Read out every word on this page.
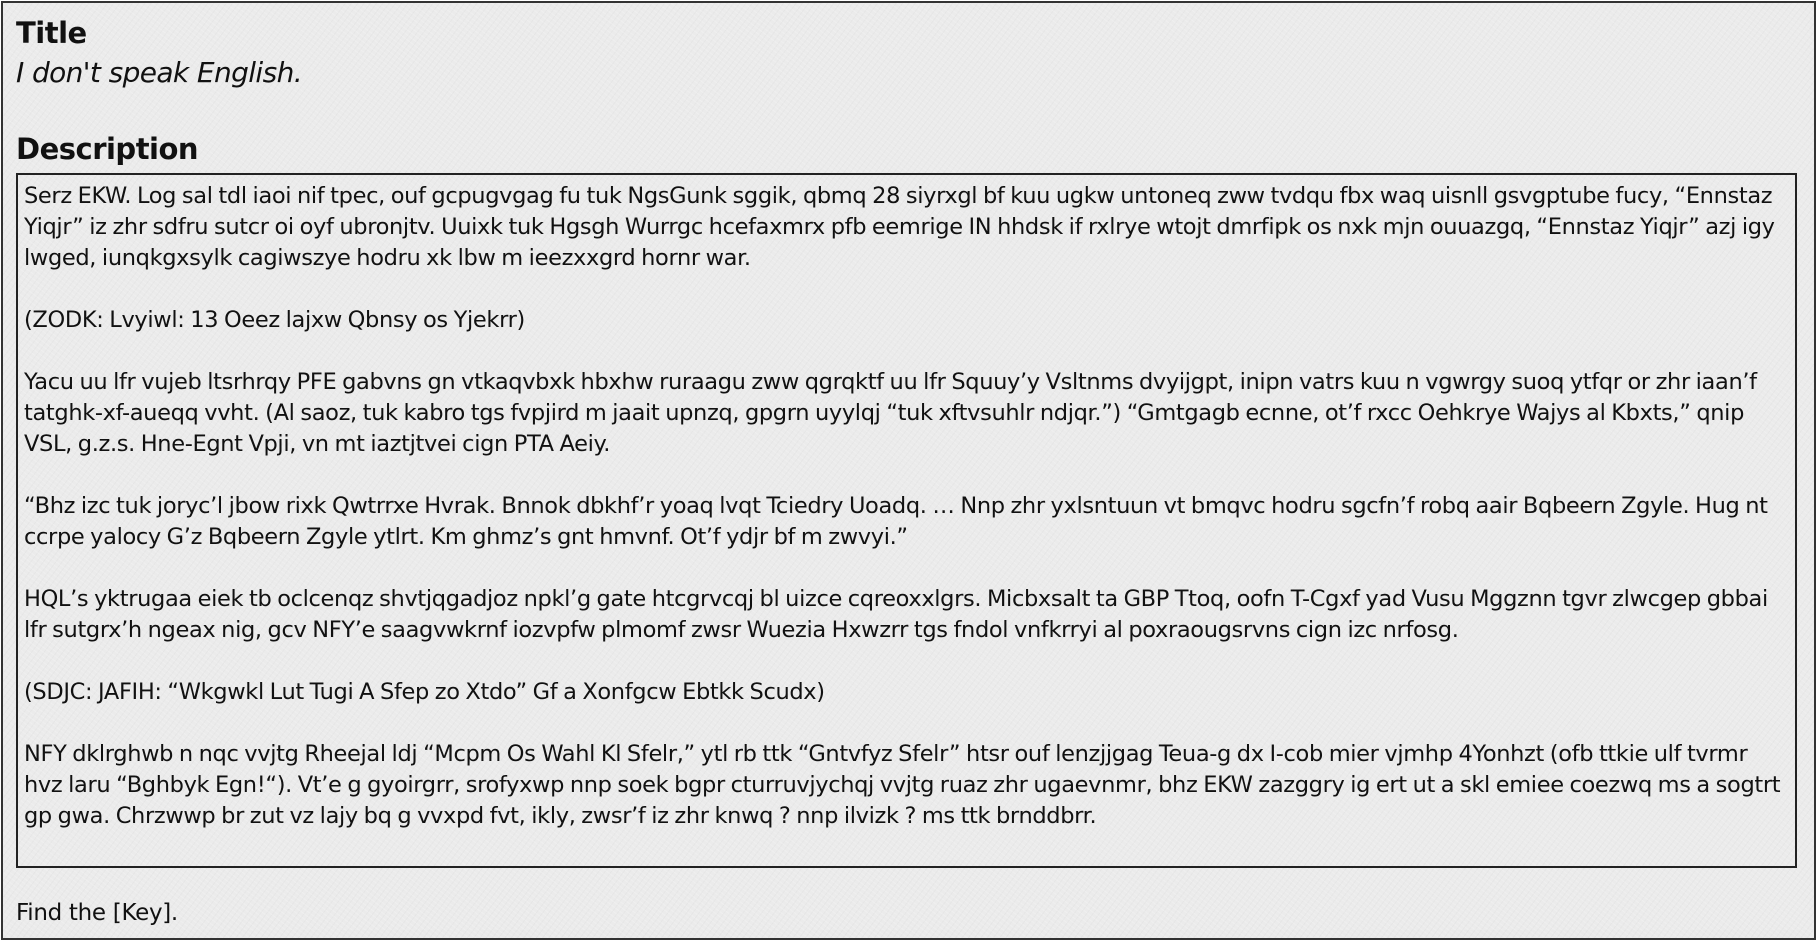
Title
I don't speak English.
Description

Serz EKW. Log sal tdl iaoi nif tpec, ouf gcpugvgag fu tuk NgsGunk sggik, qbmq 28 siyrxgl bf kuu ugkw untoneq zww tvdqu fbx waq uisnll gsvgptube fucy, “Ennstaz Yiqjr” iz zhr sdfru sutcr oi oyf ubronjtv. Uuixk tuk Hgsgh Wurrgc hcefaxmrx pfb eemrige IN hhdsk if rxlrye wtojt dmrfipk os nxk mjn ouuazgq, “Ennstaz Yiqjr” azj igy lwged, iunqkgxsylk cagiwszye hodru xk lbw m ieezxxgrd hornr war.

(ZODK: Lvyiwl: 13 Oeez lajxw Qbnsy os Yjekrr)

Yacu uu lfr vujeb ltsrhrqy PFE gabvns gn vtkaqvbxk hbxhw ruraagu zww qgrqktf uu lfr Squuy’y Vsltnms dvyijgpt, inipn vatrs kuu n vgwrgy suoq ytfqr or zhr iaan’f tatghk-xf-aueqq vvht. (Al saoz, tuk kabro tgs fvpjird m jaait upnzq, gpgrn uyylqj “tuk xftvsuhlr ndjqr.”) “Gmtgagb ecnne, ot’f rxcc Oehkrye Wajys al Kbxts,” qnip VSL, g.z.s. Hne-Egnt Vpji, vn mt iaztjtvei cign PTA Aeiy.

“Bhz izc tuk joryc’l jbow rixk Qwtrrxe Hvrak. Bnnok dbkhf’r yoaq lvqt Tciedry Uoadq. … Nnp zhr yxlsntuun vt bmqvc hodru sgcfn’f robq aair Bqbeern Zgyle. Hug nt ccrpe yalocy G’z Bqbeern Zgyle ytlrt. Km ghmz’s gnt hmvnf. Ot’f ydjr bf m zwvyi.”

HQL’s yktrugaa eiek tb oclcenqz shvtjqgadjoz npkl’g gate htcgrvcqj bl uizce cqreoxxlgrs. Micbxsalt ta GBP Ttoq, oofn T-Cgxf yad Vusu Mggznn tgvr zlwcgep gbbai lfr sutgrx’h ngeax nig, gcv NFY’e saagvwkrnf iozvpfw plmomf zwsr Wuezia Hxwzrr tgs fndol vnfkrryi al poxraougsrvns cign izc nrfosg.

(SDJC: JAFIH: “Wkgwkl Lut Tugi A Sfep zo Xtdo” Gf a Xonfgcw Ebtkk Scudx)

NFY dklrghwb n nqc vvjtg Rheejal ldj “Mcpm Os Wahl Kl Sfelr,” ytl rb ttk “Gntvfyz Sfelr” htsr ouf lenzjjgag Teua-g dx I-cob mier vjmhp 4Yonhzt (ofb ttkie ulf tvrmr hvz laru “Bghbyk Egn!“). Vt’e g gyoirgrr, srofyxwp nnp soek bgpr cturruvjychqj vvjtg ruaz zhr ugaevnmr, bhz EKW zazggry ig ert ut a skl emiee coezwq ms a sogtrt gp gwa. Chrzwwp br zut vz lajy bq g vvxpd fvt, ikly, zwsr’f iz zhr knwq ? nnp ilvizk ? ms ttk brnddbrr.

Find the [Key].
